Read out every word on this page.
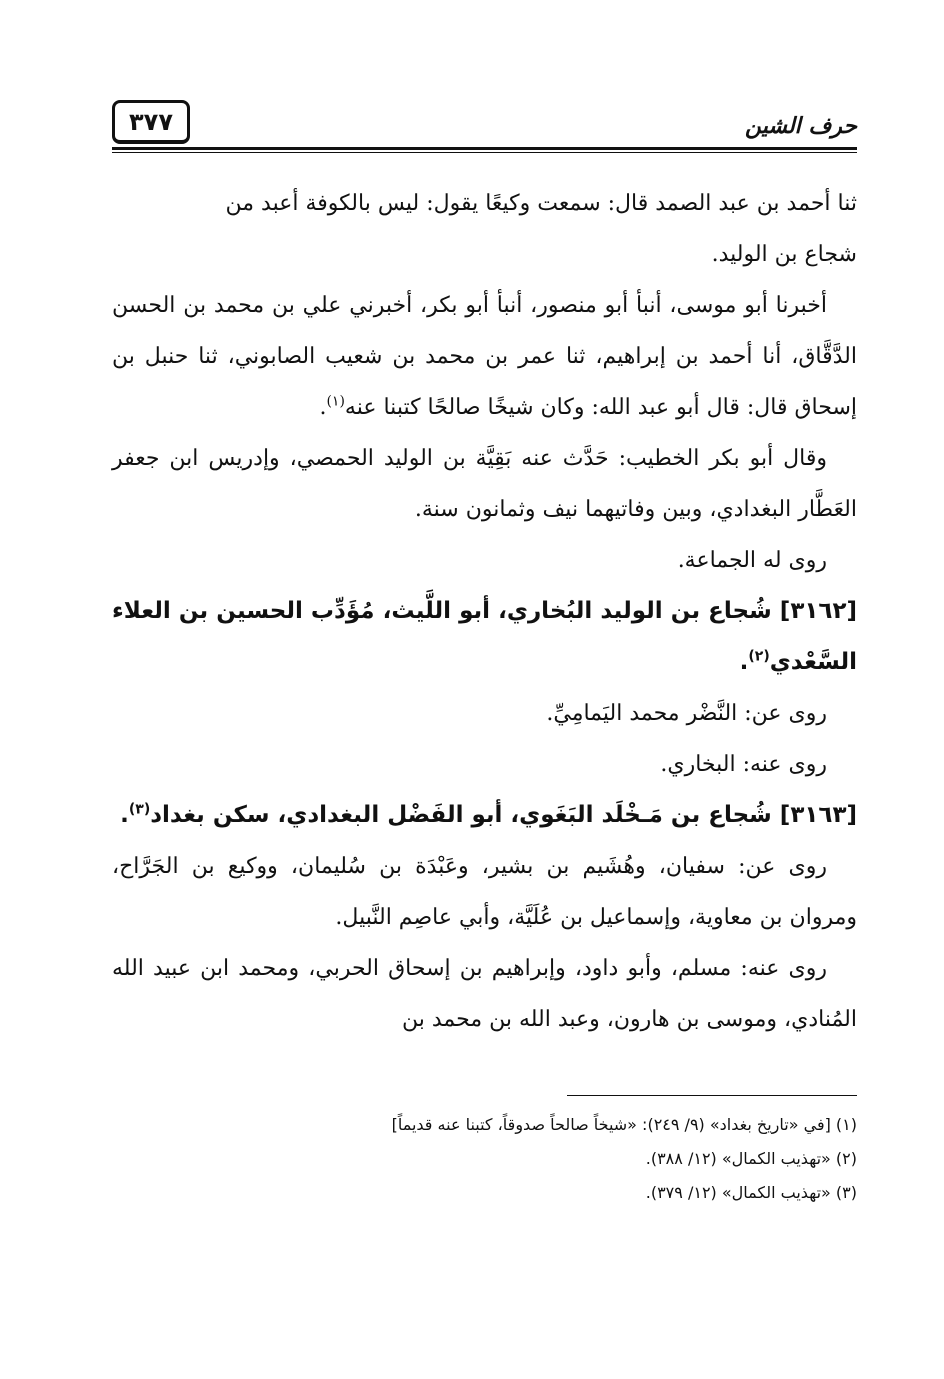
٣٧٧	حرف الشين

ثنا أحمد بن عبد الصمد قال: سمعت وكيعًا يقول: ليس بالكوفة أعبد من
شجاع بن الوليد.

أخبرنا أبو موسى، أنبأ أبو منصور، أنبأ أبو بكر، أخبرني علي بن محمد بن الحسن الدَّقَّاق، أنا أحمد بن إبراهيم، ثنا عمر بن محمد بن شعيب الصابوني، ثنا حنبل بن إسحاق قال: قال أبو عبد الله: وكان شيخًا صالحًا كتبنا عنه$^{(١)}$.

وقال أبو بكر الخطيب: حَدَّث عنه بَقِيَّة بن الوليد الحمصي، وإدريس ابن جعفر العَطَّار البغدادي، وبين وفاتيهما نيف وثمانون سنة.

روى له الجماعة.

[٣١٦٢] شُجاع بن الوليد البُخاري، أبو اللَّيث، مُؤَدِّب الحسين بن العلاء السَّعْدي$^{(٢)}$.

روى عن: النَّضْر محمد اليَمامِيِّ.

روى عنه: البخاري.

[٣١٦٣] شُجاع بن مَـخْلَد البَغَوي، أبو الفَضْل البغدادي، سكن بغداد$^{(٣)}$.

روى عن: سفيان، وهُشَيم بن بشير، وعَبْدَة بن سُليمان، ووكيع بن الجَرَّاح، ومروان بن معاوية، وإسماعيل بن عُلَيَّة، وأبي عاصِم النَّبيل.

روى عنه: مسلم، وأبو داود، وإبراهيم بن إسحاق الحربي، ومحمد ابن عبيد الله المُنادي، وموسى بن هارون، وعبد الله بن محمد بن

(١) [في «تاريخ بغداد» (٩/ ٢٤٩): «شيخاً صالحاً صدوقاً، كتبنا عنه قديماً]

(٢) «تهذيب الكمال» (١٢/ ٣٨٨).

(٣) «تهذيب الكمال» (١٢/ ٣٧٩).
